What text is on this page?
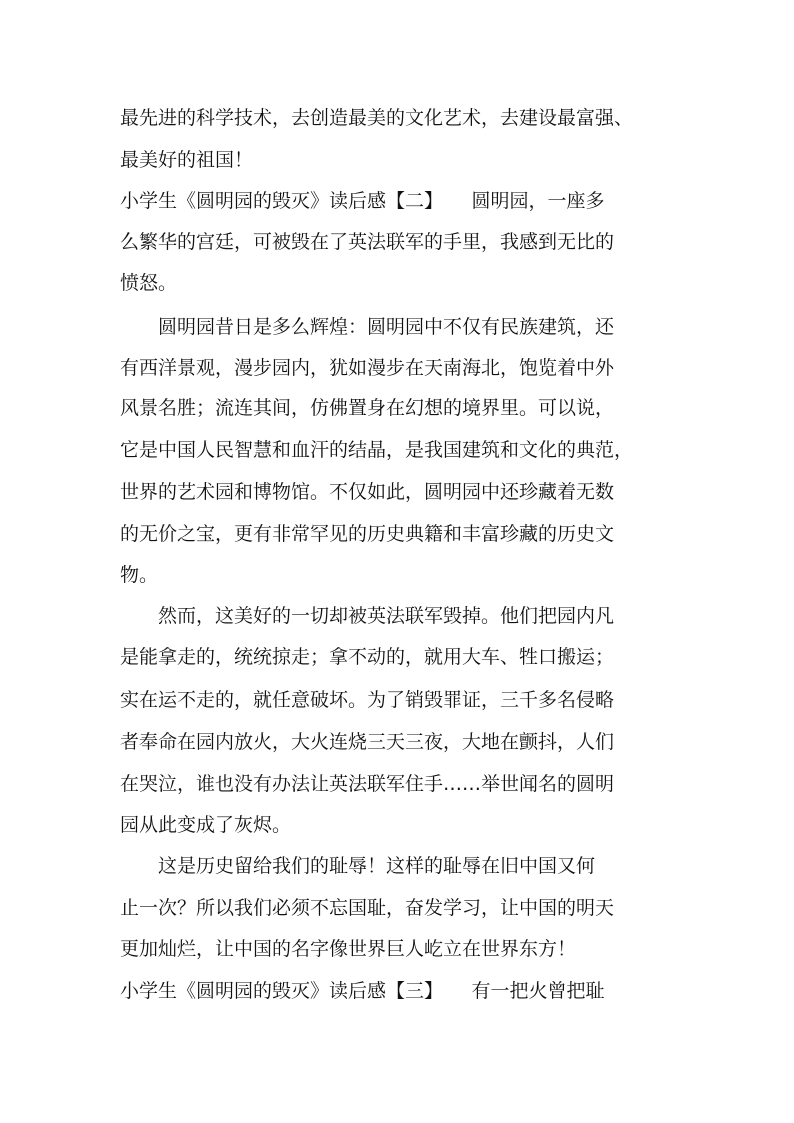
最先进的科学技术，去创造最美的文化艺术，去建设最富强、
最美好的祖国！
小学生《圆明园的毁灭》读后感【二】　　圆明园，一座多
么繁华的宫廷，可被毁在了英法联军的手里，我感到无比的
愤怒。
　　圆明园昔日是多么辉煌：圆明园中不仅有民族建筑，还
有西洋景观，漫步园内，犹如漫步在天南海北，饱览着中外
风景名胜；流连其间，仿佛置身在幻想的境界里。可以说，
它是中国人民智慧和血汗的结晶，是我国建筑和文化的典范，
世界的艺术园和博物馆。不仅如此，圆明园中还珍藏着无数
的无价之宝，更有非常罕见的历史典籍和丰富珍藏的历史文
物。
　　然而，这美好的一切却被英法联军毁掉。他们把园内凡
是能拿走的，统统掠走；拿不动的，就用大车、牲口搬运；
实在运不走的，就任意破坏。为了销毁罪证，三千多名侵略
者奉命在园内放火，大火连烧三天三夜，大地在颤抖，人们
在哭泣，谁也没有办法让英法联军住手……举世闻名的圆明
园从此变成了灰烬。
　　这是历史留给我们的耻辱！这样的耻辱在旧中国又何
止一次？所以我们必须不忘国耻，奋发学习，让中国的明天
更加灿烂，让中国的名字像世界巨人屹立在世界东方！
小学生《圆明园的毁灭》读后感【三】　　有一把火曾把耻
